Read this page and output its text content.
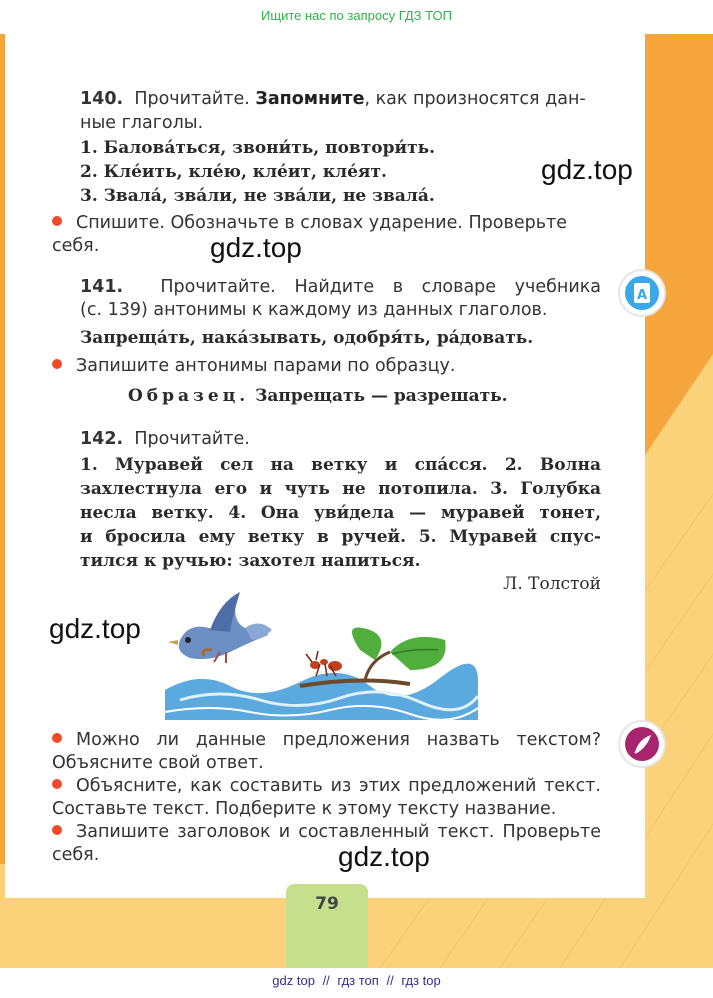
Ищите нас по запросу ГДЗ ТОП
79
140. Прочитайте. Запомните, как произносятся дан-
ные глаголы.
1. Балова́ться, звони́ть, повтори́ть.
2. Кле́ить, кле́ю, кле́ит, кле́ят.
3. Звала́, зва́ли, не зва́ли, не звала́.
Спишите. Обозначьте в словах ударение. Проверьте
себя.
141. Прочитайте. Найдите в словаре учебника
(с. 139) антонимы к каждому из данных глаголов.
Запреща́ть, нака́зывать, одобря́ть, ра́довать.
Запишите антонимы парами по образцу.
Образец. Запрещать — разрешать.
142. Прочитайте.
1. Муравей сел на ветку и спа́сся. 2. Волна
захлестнула его и чуть не потопила. 3. Голубка
несла ветку. 4. Она уви́дела — муравей тонет,
и бросила ему ветку в ручей. 5. Муравей спус-
тился к ручью: захотел напиться.
Л. Толстой
Можно ли данные предложения назвать текстом?
Объясните свой ответ.
Объясните, как составить из этих предложений текст.
Составьте текст. Подберите к этому тексту название.
Запишите заголовок и составленный текст. Проверьте
себя.
gdz.top
gdz.top
gdz.top
gdz.top
A
gdz top // гдз топ // гдз top
